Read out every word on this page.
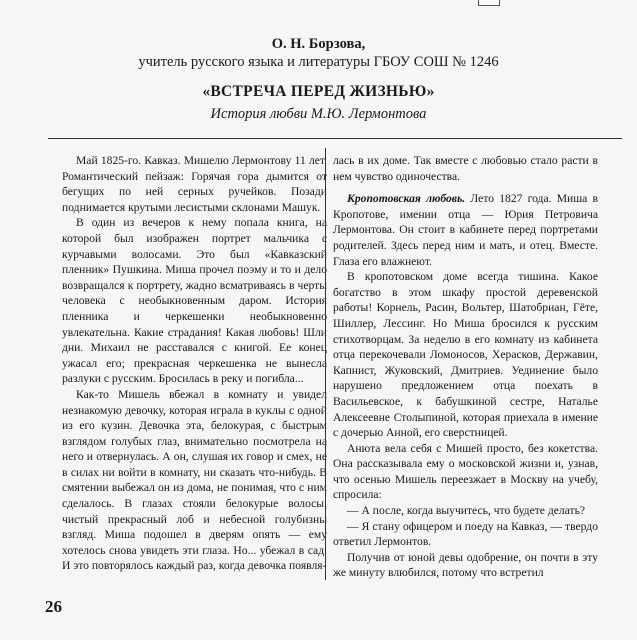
О. Н. Борзова,
учитель русского языка и литературы ГБОУ СОШ № 1246
«ВСТРЕЧА ПЕРЕД ЖИЗНЬЮ»
История любви М.Ю. Лермонтова

Май 1825-го. Кавказ. Мишелю Лермонтову 11 лет. Романтический пейзаж: Горячая гора дымится от бегущих по ней серных ручейков. Позади поднимается крутыми лесистыми склонами Машук.

В один из вечеров к нему попала книга, на которой был изображен портрет мальчика с курчавыми волосами. Это был «Кавказский пленник» Пушкина. Миша прочел поэму и то и дело возвращался к портрету, жадно всматриваясь в черты человека с необыкновенным даром. История пленника и черкешенки необыкновенно увлекательна. Какие страдания! Какая любовь! Шли дни. Михаил не расставался с книгой. Ее конец ужасал его; прекрасная черкешенка не вынесла разлуки с русским. Бросилась в реку и погибла...

Как-то Мишель вбежал в комнату и увидел незнакомую девочку, которая играла в куклы с одной из его кузин. Девочка эта, белокурая, с быстрым взглядом голубых глаз, внимательно посмотрела на него и отвернулась. А он, слушая их говор и смех, не в силах ни войти в комнату, ни сказать что-нибудь. В смятении выбежал он из дома, не понимая, что с ним сделалось. В глазах стояли белокурые волосы, чистый прекрасный лоб и небесной голубизны взгляд. Миша подошел в дверям опять — ему хотелось снова увидеть эти глаза. Но... убежал в сад. И это повторялось каждый раз, когда девочка появля-

лась в их доме. Так вместе с любовью стало расти в нем чувство одиночества.

Кропотовская любовь. Лето 1827 года. Миша в Кропотове, имении отца — Юрия Петровича Лермонтова. Он стоит в кабинете перед портретами родителей. Здесь перед ним и мать, и отец. Вместе. Глаза его влажнеют.

В кропотовском доме всегда тишина. Какое богатство в этом шкафу простой деревенской работы! Корнель, Расин, Вольтер, Шатобриан, Гёте, Шиллер, Лессинг. Но Миша бросился к русским стихотворцам. За неделю в его комнату из кабинета отца перекочевали Ломоносов, Херасков, Державин, Капнист, Жуковский, Дмитриев. Уединение было нарушено предложением отца поехать в Васильевское, к бабушкиной сестре, Наталье Алексеевне Столыпиной, которая приехала в имение с дочерью Анной, его сверстницей.

Анюта вела себя с Мишей просто, без кокетства. Она рассказывала ему о московской жизни и, узнав, что осенью Мишель переезжает в Москву на учебу, спросила:

— А после, когда выучитесь, что будете делать?

— Я стану офицером и поеду на Кавказ, — твердо ответил Лермонтов.

Получив от юной девы одобрение, он почти в эту же минуту влюбился, потому что встретил

26
